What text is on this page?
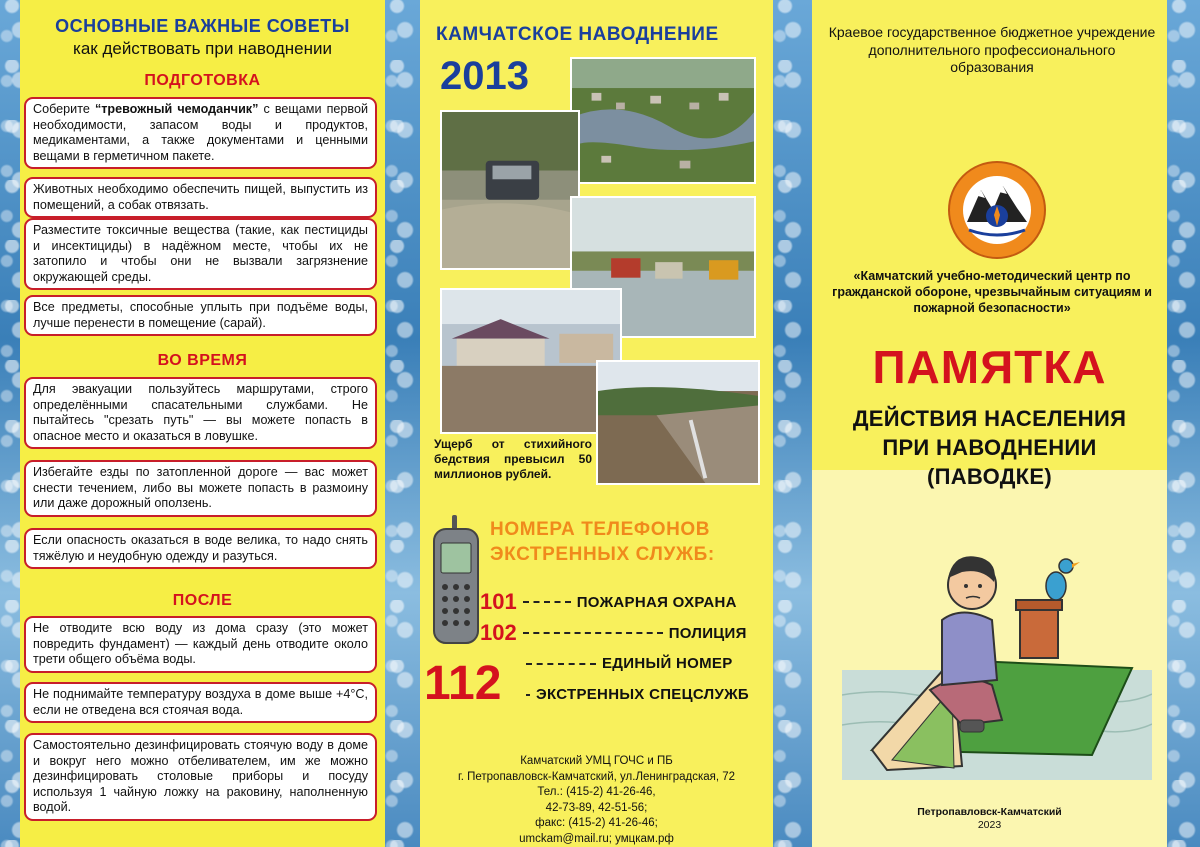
ОСНОВНЫЕ ВАЖНЫЕ СОВЕТЫ
как действовать при наводнении
ПОДГОТОВКА
Соберите “тревожный чемоданчик” с вещами первой необходимости, запасом воды и продуктов, медикаментами, а также документами и ценными вещами в герметичном пакете.
Животных необходимо обеспечить пищей, выпустить из помещений, а собак отвязать.
Разместите токсичные вещества (такие, как пестициды и инсектициды) в надёжном месте, чтобы их не затопило и чтобы они не вызвали загрязнение окружающей среды.
Все предметы, способные уплыть при подъёме воды, лучше перенести в помещение (сарай).
ВО ВРЕМЯ
Для эвакуации пользуйтесь маршрутами, строго определёнными спасательными службами. Не пытайтесь "срезать путь" — вы можете попасть в опасное место и оказаться в ловушке.
Избегайте езды по затопленной дороге — вас может снести течением, либо вы можете попасть в размоину или даже дорожный оползень.
Если опасность оказаться в воде велика, то надо снять тяжёлую и неудобную одежду и разуться.
ПОСЛЕ
Не отводите всю воду из дома сразу (это может повредить фундамент) — каждый день отводите около трети общего объёма воды.
Не поднимайте температуру воздуха в доме выше +4°С, если не отведена вся стоячая вода.
Самостоятельно дезинфицировать стоячую воду в доме и вокруг него можно отбеливателем, им же можно дезинфицировать столовые приборы и посуду используя 1 чайную ложку на раковину, наполненную водой.
КАМЧАТСКОЕ НАВОДНЕНИЕ
2013
Ущерб от стихийного бедствия превысил 50 миллионов рублей.
НОМЕРА ТЕЛЕФОНОВ
ЭКСТРЕННЫХ СЛУЖБ:
101	ПОЖАРНАЯ ОХРАНА
102	ПОЛИЦИЯ
112	ЕДИНЫЙ НОМЕР
ЭКСТРЕННЫХ СПЕЦСЛУЖБ
Камчатский УМЦ ГОЧС и ПБ
г. Петропавловск-Камчатский, ул.Ленинградская, 72
Тел.: (415-2) 41-26-46,
42-73-89, 42-51-56;
факс: (415-2) 41-26-46;
umckam@mail.ru; умцкам.рф
Краевое государственное бюджетное учреждение дополнительного профессионального образования
«Камчатский учебно-методический центр по гражданской обороне, чрезвычайным ситуациям и пожарной безопасности»
ПАМЯТКА
ДЕЙСТВИЯ НАСЕЛЕНИЯ
ПРИ НАВОДНЕНИИ
(ПАВОДКЕ)
Петропавловск-Камчатский
2023
